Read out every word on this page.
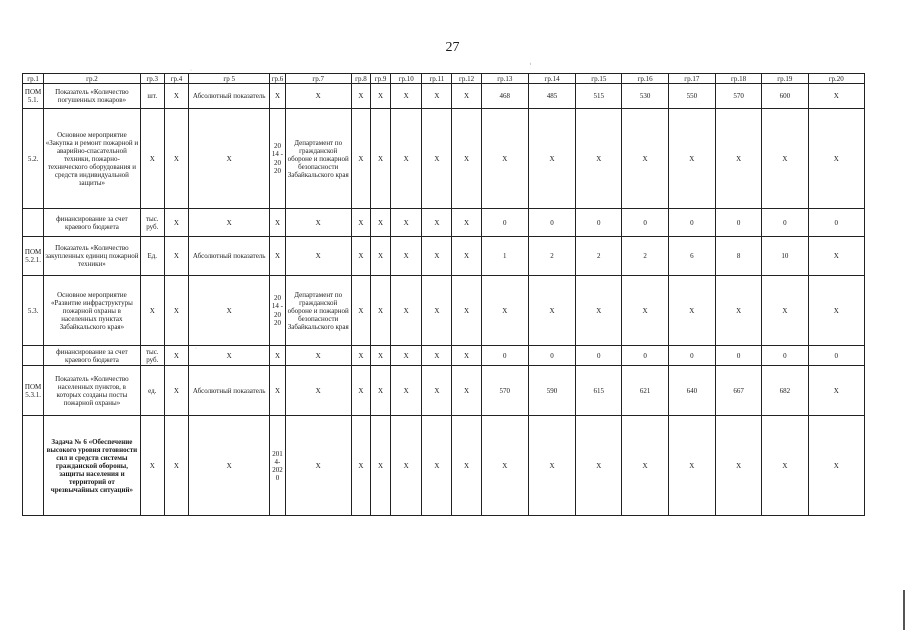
27
ⁱ
·
·
гр.1	гр.2	гр.3	гр.4	гр 5	гр.6	гр.7	гр.8	гр.9	гр.10	гр.11	гр.12	гр.13	гр.14	гр.15	гр.16	гр.17	гр.18	гр.19	гр.20
ПОМ 5.1.	Показатель «Количество погушенных пожаров»	шт.	X	Абсолютный показатель	X	X	X	X	X	X	X	468	485	515	530	550	570	600	X
5.2.	Основное мероприятие «Закупка и ремонт пожарной и аварийно-спасательной техники, пожарно-технического оборудования и средств индивидуальной защиты»	X	X	X	20 14 - 20 20	Департамент по гражданской обороне и пожарной безопасности Забайкальского края	X	X	X	X	X	X	X	X	X	X	X	X	X
	финансирование за счет краевого бюджета	тыс. руб.	X	X	X	X	X	X	X	X	X	0	0	0	0	0	0	0	0
ПОМ 5.2.1.	Показатель «Количество закупленных единиц пожарной техники»	Ед.	X	Абсолютный показатель	X	X	X	X	X	X	X	1	2	2	2	6	8	10	X
5.3.	Основное мероприятие «Развитие инфраструктуры пожарной охраны в населенных пунктах Забайкальского края»	X	X	X	20 14 - 20 20	Департамент по гражданской обороне и пожарной безопасности Забайкальского края	X	X	X	X	X	X	X	X	X	X	X	X	X
	финансирование за счет краевого бюджета	тыс. руб.	X	X	X	X	X	X	X	X	X	0	0	0	0	0	0	0	0
ПОМ 5.3.1.	Показатель «Количество населенных пунктов, в которых созданы посты пожарной охраны»	ед.	X	Абсолютный показатель	X	X	X	X	X	X	X	570	590	615	621	640	667	682	X
	Задача № 6 «Обеспечение высокого уровня готовности сил и средств системы гражданской обороны, защиты населения и территорий от чрезвычайных ситуаций»	X	X	X	2014-2020	X	X	X	X	X	X	X	X	X	X	X	X	X	X
